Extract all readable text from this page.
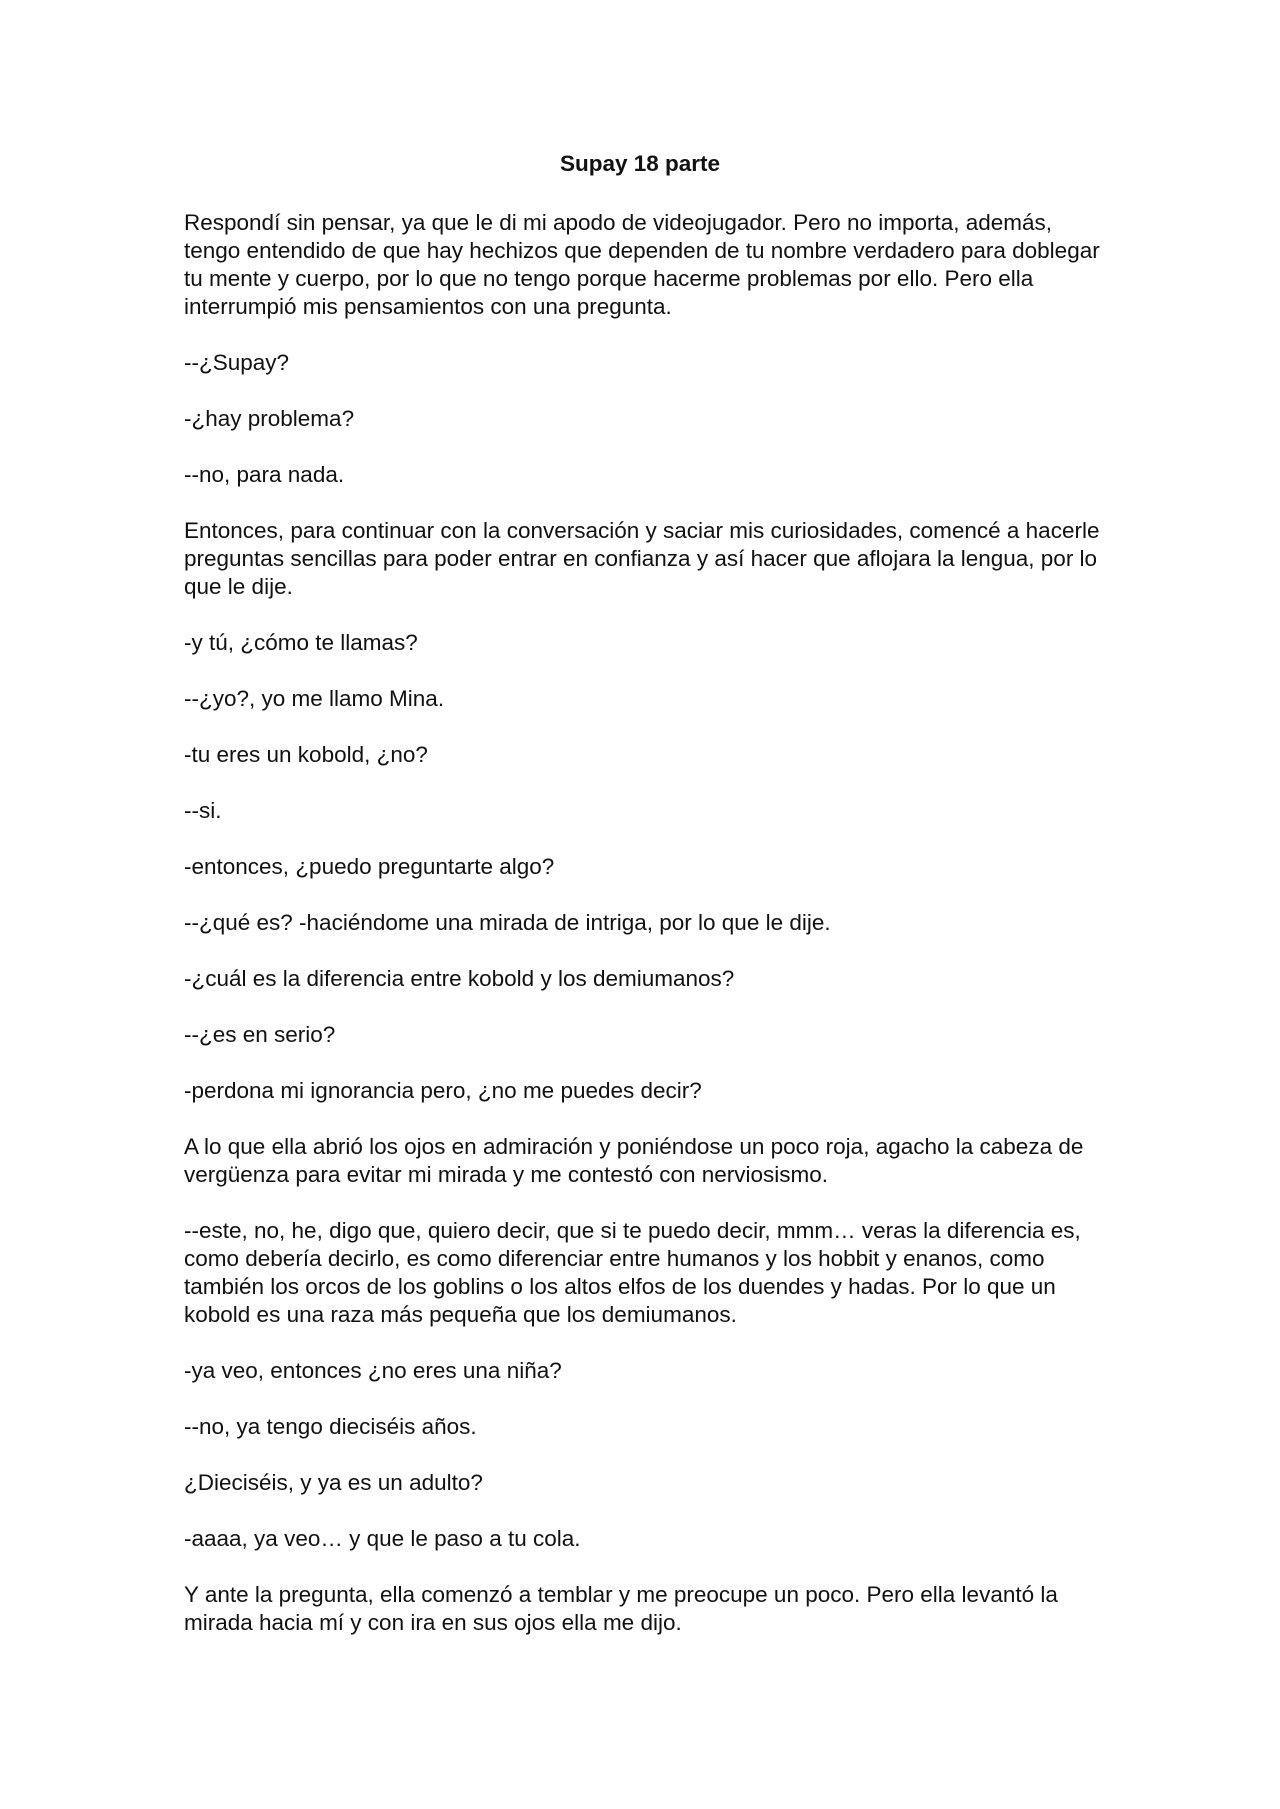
Supay 18 parte

Respondí sin pensar, ya que le di mi apodo de videojugador. Pero no importa, además, tengo entendido de que hay hechizos que dependen de tu nombre verdadero para doblegar tu mente y cuerpo, por lo que no tengo porque hacerme problemas por ello. Pero ella interrumpió mis pensamientos con una pregunta.

--¿Supay?

-¿hay problema?

--no, para nada.

Entonces, para continuar con la conversación y saciar mis curiosidades, comencé a hacerle preguntas sencillas para poder entrar en confianza y así hacer que aflojara la lengua, por lo que le dije.

-y tú, ¿cómo te llamas?

--¿yo?, yo me llamo Mina.

-tu eres un kobold, ¿no?

--si.

-entonces, ¿puedo preguntarte algo?

--¿qué es? -haciéndome una mirada de intriga, por lo que le dije.

-¿cuál es la diferencia entre kobold y los demiumanos?

--¿es en serio?

-perdona mi ignorancia pero, ¿no me puedes decir?

A lo que ella abrió los ojos en admiración y poniéndose un poco roja, agacho la cabeza de vergüenza para evitar mi mirada y me contestó con nerviosismo.

--este, no, he, digo que, quiero decir, que si te puedo decir, mmm… veras la diferencia es, como debería decirlo, es como diferenciar entre humanos y los hobbit y enanos, como también los orcos de los goblins o los altos elfos de los duendes y hadas. Por lo que un kobold es una raza más pequeña que los demiumanos.

-ya veo, entonces ¿no eres una niña?

--no, ya tengo dieciséis años.

¿Dieciséis, y ya es un adulto?

-aaaa, ya veo… y que le paso a tu cola.

Y ante la pregunta, ella comenzó a temblar y me preocupe un poco. Pero ella levantó la mirada hacia mí y con ira en sus ojos ella me dijo.
